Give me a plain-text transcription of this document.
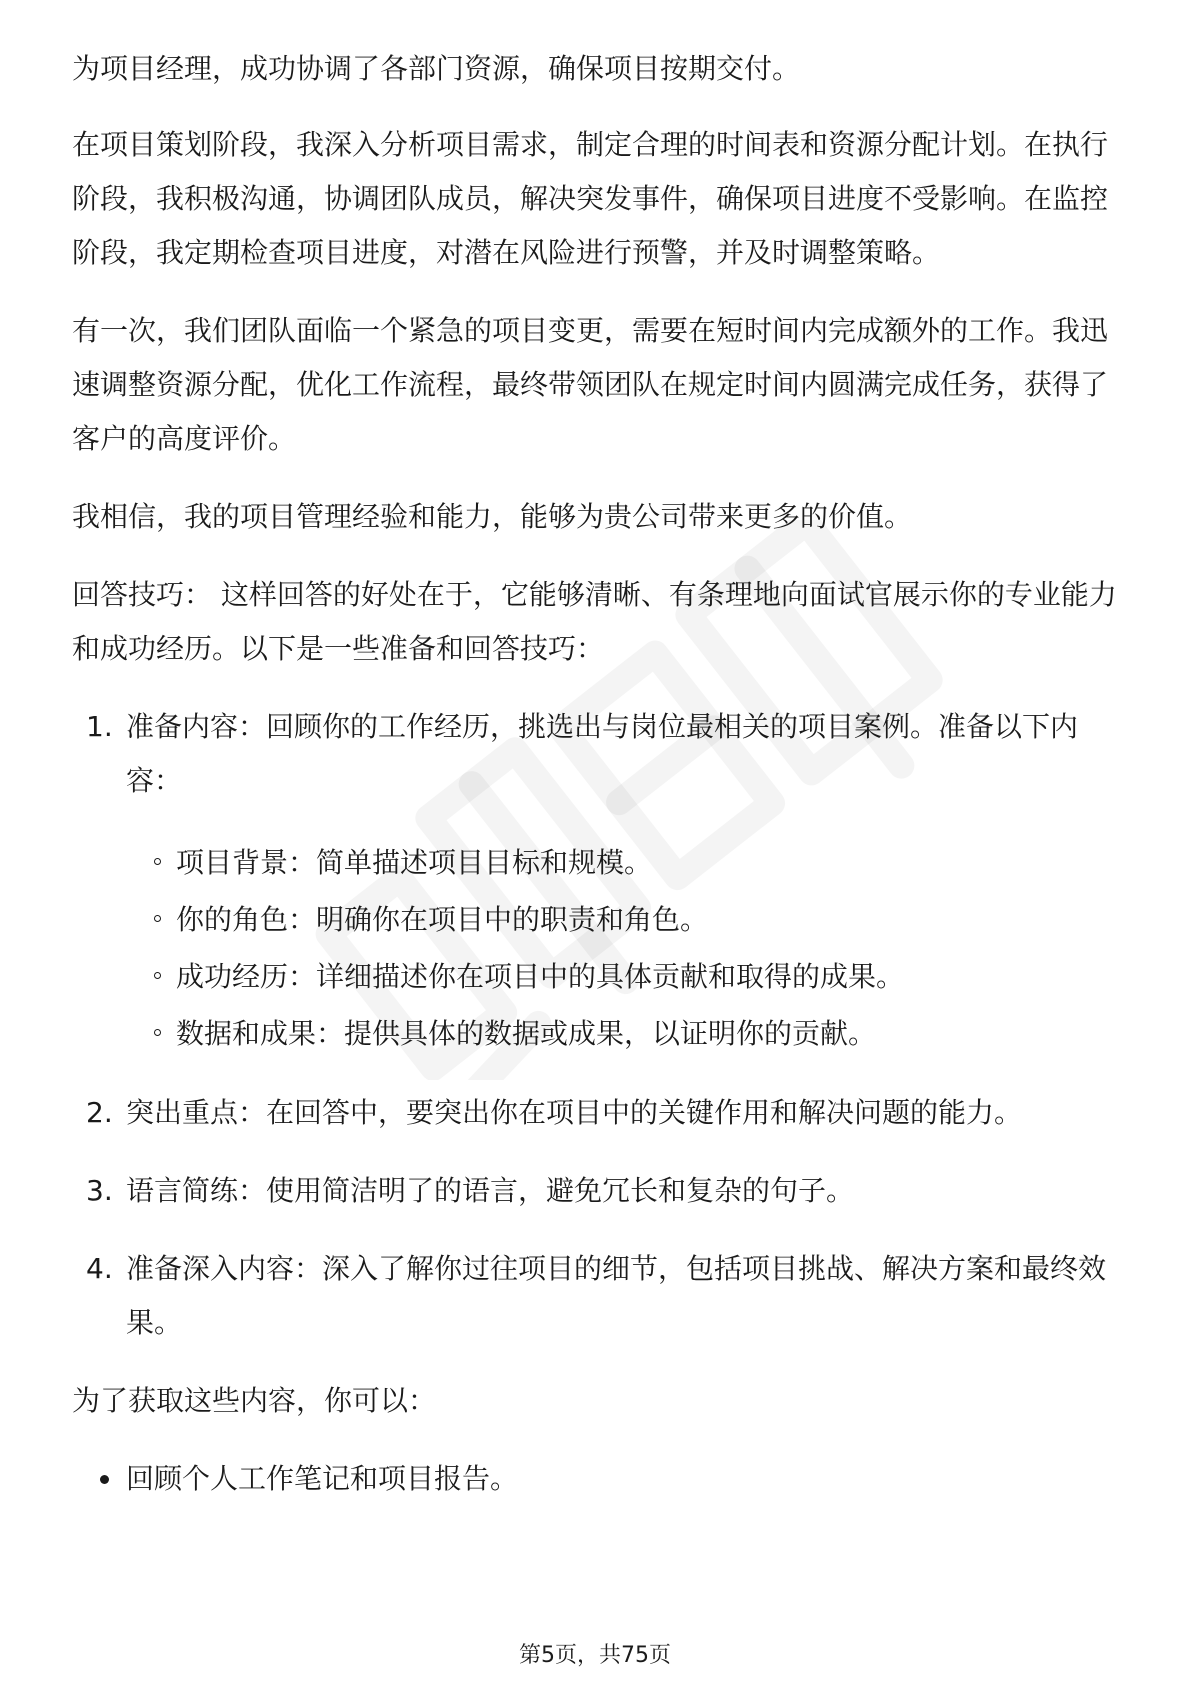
为项目经理，成功协调了各部门资源，确保项目按期交付。

在项目策划阶段，我深入分析项目需求，制定合理的时间表和资源分配计划。在执行阶段，我积极沟通，协调团队成员，解决突发事件，确保项目进度不受影响。在监控阶段，我定期检查项目进度，对潜在风险进行预警，并及时调整策略。

有一次，我们团队面临一个紧急的项目变更，需要在短时间内完成额外的工作。我迅速调整资源分配，优化工作流程，最终带领团队在规定时间内圆满完成任务，获得了客户的高度评价。

我相信，我的项目管理经验和能力，能够为贵公司带来更多的价值。

回答技巧： 这样回答的好处在于，它能够清晰、有条理地向面试官展示你的专业能力和成功经历。以下是一些准备和回答技巧：

1. 准备内容：回顾你的工作经历，挑选出与岗位最相关的项目案例。准备以下内容：
项目背景：简单描述项目目标和规模。
你的角色：明确你在项目中的职责和角色。
成功经历：详细描述你在项目中的具体贡献和取得的成果。
数据和成果：提供具体的数据或成果，以证明你的贡献。
2. 突出重点：在回答中，要突出你在项目中的关键作用和解决问题的能力。
3. 语言简练：使用简洁明了的语言，避免冗长和复杂的句子。
4. 准备深入内容：深入了解你过往项目的细节，包括项目挑战、解决方案和最终效果。

为了获取这些内容，你可以：

回顾个人工作笔记和项目报告。
第5页，共75页
